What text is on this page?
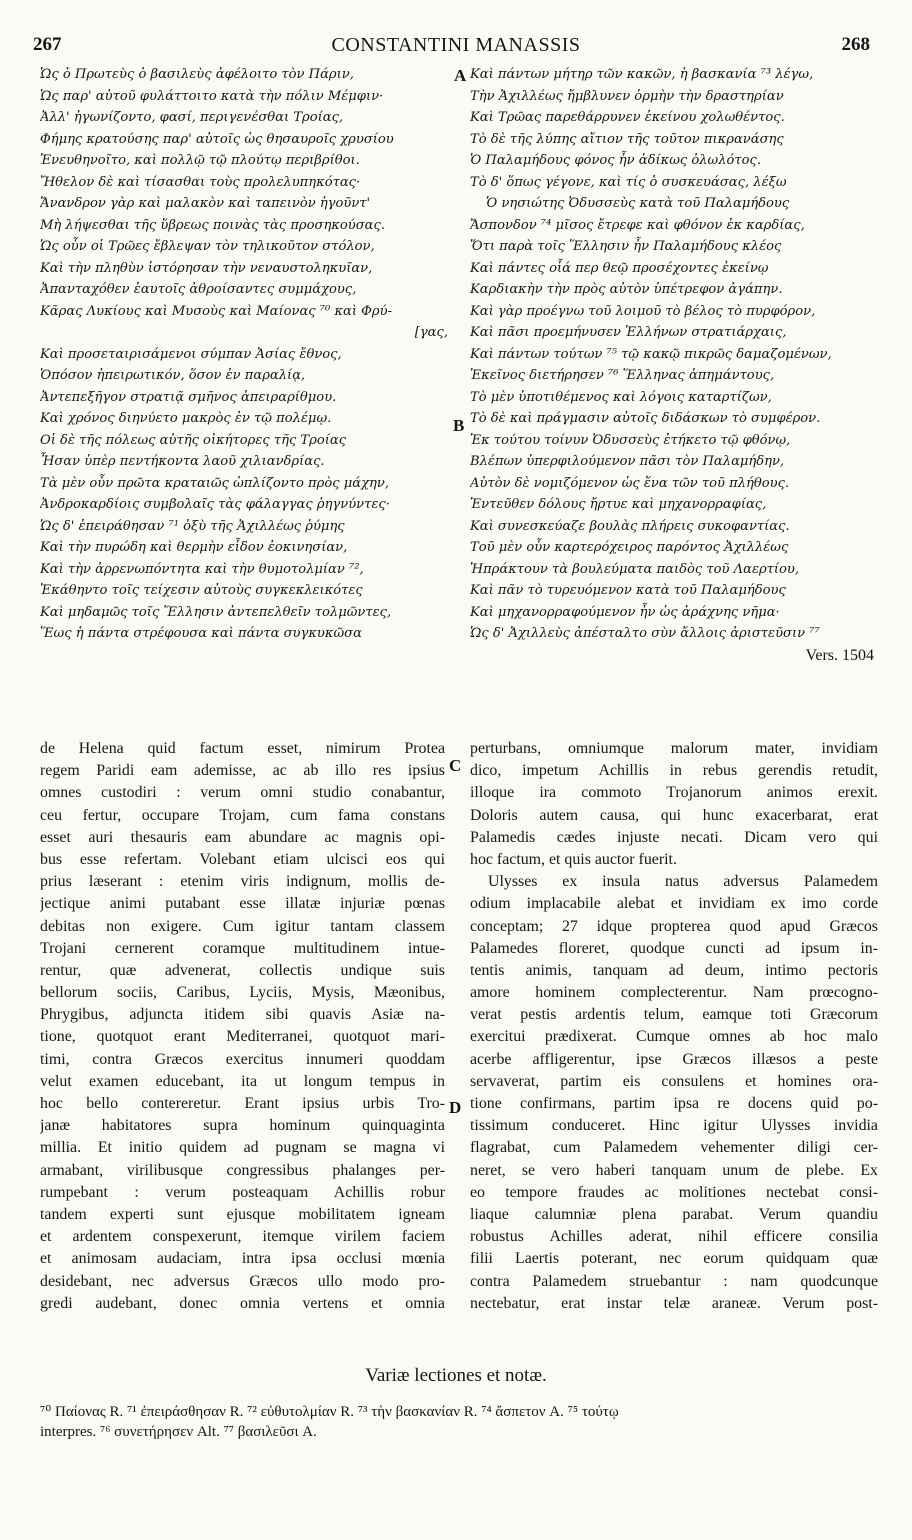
267	CONSTANTINI MANASSIS	268
A
B
C
D
Ὡς ὁ Πρωτεὺς ὁ βασιλεὺς ἀφέλοιτο τὸν Πάριν,
Ὡς παρ' αὐτοῦ φυλάττοιτο κατὰ τὴν πόλιν Μέμφιν·
Ἀλλ' ἠγωνίζοντο, φασί, περιγενέσθαι Τροίας,
Φήμης κρατούσης παρ' αὐτοῖς ὡς θησαυροῖς χρυσίου
Ἐνευθηνοῖτο, καὶ πολλῷ τῷ πλούτῳ περιβρίθοι.
Ἤθελον δὲ καὶ τίσασθαι τοὺς προλελυπηκότας·
Ἄνανδρον γὰρ καὶ μαλακὸν καὶ ταπεινὸν ἡγοῦντ'
Μὴ λήψεσθαι τῆς ὕβρεως ποινὰς τὰς προσηκούσας.
Ὡς οὖν οἱ Τρῶες ἔβλεψαν τὸν τηλικοῦτον στόλον,
Καὶ τὴν πληθὺν ἱστόρησαν τὴν νεναυστοληκυῖαν,
Ἀπανταχόθεν ἑαυτοῖς ἀθροίσαντες συμμάχους,
Κᾶρας Λυκίους καὶ Μυσοὺς καὶ Μαίονας ⁷⁰ καὶ Φρύ-
[γας,
Καὶ προσεταιρισάμενοι σύμπαν Ἀσίας ἔθνος,
Ὁπόσον ἠπειρωτικόν, ὅσον ἐν παραλίᾳ,
Ἀντεπεξῆγον στρατιᾷ σμῆνος ἀπειραρίθμου.
Καὶ χρόνος διηνύετο μακρὸς ἐν τῷ πολέμῳ.
Οἱ δὲ τῆς πόλεως αὐτῆς οἰκήτορες τῆς Τροίας
Ἦσαν ὑπὲρ πεντήκοντα λαοῦ χιλιανδρίας.
Τὰ μὲν οὖν πρῶτα κραταιῶς ὡπλίζοντο πρὸς μάχην,
Ἀνδροκαρδίοις συμβολαῖς τὰς φάλαγγας ῥηγνύντες·
Ὡς δ' ἐπειράθησαν ⁷¹ ὀξὺ τῆς Ἀχιλλέως ῥύμης
Καὶ τὴν πυρώδη καὶ θερμὴν εἶδον ἐοκινησίαν,
Καὶ τὴν ἀρρενωπόντητα καὶ τὴν θυμοτολμίαν ⁷²,
Ἐκάθηντο τοῖς τείχεσιν αὐτοὺς συγκεκλεικότες
Καὶ μηδαμῶς τοῖς Ἕλλησιν ἀντεπελθεῖν τολμῶντες,
Ἕως ἡ πάντα στρέφουσα καὶ πάντα συγκυκῶσα
Καὶ πάντων μήτηρ τῶν κακῶν, ἡ βασκανία ⁷³ λέγω,
Τὴν Ἀχιλλέως ἤμβλυνεν ὁρμὴν τὴν δραστηρίαν
Καὶ Τρῶας παρεθάρρυνεν ἐκείνου χολωθέντος.
Τὸ δὲ τῆς λύπης αἴτιον τῆς τοῦτον πικρανάσης
Ὁ Παλαμήδους φόνος ἦν ἀδίκως ὀλωλότος.
Τὸ δ' ὅπως γέγονε, καὶ τίς ὁ συσκευάσας, λέξω
Ὁ νησιώτης Ὀδυσσεὺς κατὰ τοῦ Παλαμήδους
Ἄσπονδον ⁷⁴ μῖσος ἔτρεφε καὶ φθόνον ἐκ καρδίας,
Ὅτι παρὰ τοῖς Ἕλλησιν ἦν Παλαμήδους κλέος
Καὶ πάντες οἷά περ θεῷ προσέχοντες ἐκείνῳ
Καρδιακὴν τὴν πρὸς αὐτὸν ὑπέτρεφον ἀγάπην.
Καὶ γὰρ προέγνω τοῦ λοιμοῦ τὸ βέλος τὸ πυρφόρον,
Καὶ πᾶσι προεμήνυσεν Ἑλλήνων στρατιάρχαις,
Καὶ πάντων τούτων ⁷⁵ τῷ κακῷ πικρῶς δαμαζομένων,
Ἐκεῖνος διετήρησεν ⁷⁶ Ἕλληνας ἀπημάντους,
Τὸ μὲν ὑποτιθέμενος καὶ λόγοις καταρτίζων,
Τὸ δὲ καὶ πράγμασιν αὐτοῖς διδάσκων τὸ συμφέρον.
Ἐκ τούτου τοίνυν Ὀδυσσεὺς ἐτήκετο τῷ φθόνῳ,
Βλέπων ὑπερφιλούμενον πᾶσι τὸν Παλαμήδην,
Αὐτὸν δὲ νομιζόμενον ὡς ἕνα τῶν τοῦ πλήθους.
Ἐντεῦθεν δόλους ἤρτυε καὶ μηχανορραφίας,
Καὶ συνεσκεύαζε βουλὰς πλήρεις συκοφαντίας.
Τοῦ μὲν οὖν καρτερόχειρος παρόντος Ἀχιλλέως
Ἠπράκτουν τὰ βουλεύματα παιδὸς τοῦ Λαερτίου,
Καὶ πᾶν τὸ τυρευόμενον κατὰ τοῦ Παλαμήδους
Καὶ μηχανορραφούμενον ἦν ὡς ἀράχνης νῆμα·
Ὡς δ' Ἀχιλλεὺς ἀπέσταλτο σὺν ἄλλοις ἀριστεῦσιν ⁷⁷
Vers. 1504
de Helena quid factum esset, nimirum Protea
regem Paridi eam ademisse, ac ab illo res ipsius
omnes custodiri : verum omni studio conabantur,
ceu fertur, occupare Trojam, cum fama constans
esset auri thesauris eam abundare ac magnis opi-
bus esse refertam. Volebant etiam ulcisci eos qui
prius læserant : etenim viris indignum, mollis de-
jectique animi putabant esse illatæ injuriæ pœnas
debitas non exigere. Cum igitur tantam classem
Trojani cernerent coramque multitudinem intue-
rentur, quæ advenerat, collectis undique suis
bellorum sociis, Caribus, Lyciis, Mysis, Mæonibus,
Phrygibus, adjuncta itidem sibi quavis Asiæ na-
tione, quotquot erant Mediterranei, quotquot mari-
timi, contra Græcos exercitus innumeri quoddam
velut examen educebant, ita ut longum tempus in
hoc bello contereretur. Erant ipsius urbis Tro-
janæ habitatores supra hominum quinquaginta
millia. Et initio quidem ad pugnam se magna vi
armabant, virilibusque congressibus phalanges per-
rumpebant : verum posteaquam Achillis robur
tandem experti sunt ejusque mobilitatem igneam
et ardentem conspexerunt, itemque virilem faciem
et animosam audaciam, intra ipsa occlusi mœnia
desidebant, nec adversus Græcos ullo modo pro-
gredi audebant, donec omnia vertens et omnia
perturbans, omniumque malorum mater, invidiam
dico, impetum Achillis in rebus gerendis retudit,
illoque ira commoto Trojanorum animos erexit.
Doloris autem causa, qui hunc exacerbarat, erat
Palamedis cædes injuste necati. Dicam vero qui
hoc factum, et quis auctor fuerit.
Ulysses ex insula natus adversus Palamedem
odium implacabile alebat et invidiam ex imo corde
conceptam; 27 idque propterea quod apud Græcos
Palamedes floreret, quodque cuncti ad ipsum in-
tentis animis, tanquam ad deum, intimo pectoris
amore hominem complecterentur. Nam prœcogno-
verat pestis ardentis telum, eamque toti Græcorum
exercitui prædixerat. Cumque omnes ab hoc malo
acerbe affligerentur, ipse Græcos illæsos a peste
servaverat, partim eis consulens et homines ora-
tione confirmans, partim ipsa re docens quid po-
tissimum conduceret. Hinc igitur Ulysses invidia
flagrabat, cum Palamedem vehementer diligi cer-
neret, se vero haberi tanquam unum de plebe. Ex
eo tempore fraudes ac molitiones nectebat consi-
liaque calumniæ plena parabat. Verum quandiu
robustus Achilles aderat, nihil efficere consilia
filii Laertis poterant, nec eorum quidquam quæ
contra Palamedem struebantur : nam quodcunque
nectebatur, erat instar telæ araneæ. Verum post-
Variæ lectiones et notæ.
⁷⁰ Παίονας R. ⁷¹ ἐπειράσθησαν R. ⁷² εὐθυτολμίαν R. ⁷³ τὴν βασκανίαν R. ⁷⁴ ἄσπετον A. ⁷⁵ τούτῳ
interpres. ⁷⁶ συνετήρησεν Alt. ⁷⁷ βασιλεῦσι A.
